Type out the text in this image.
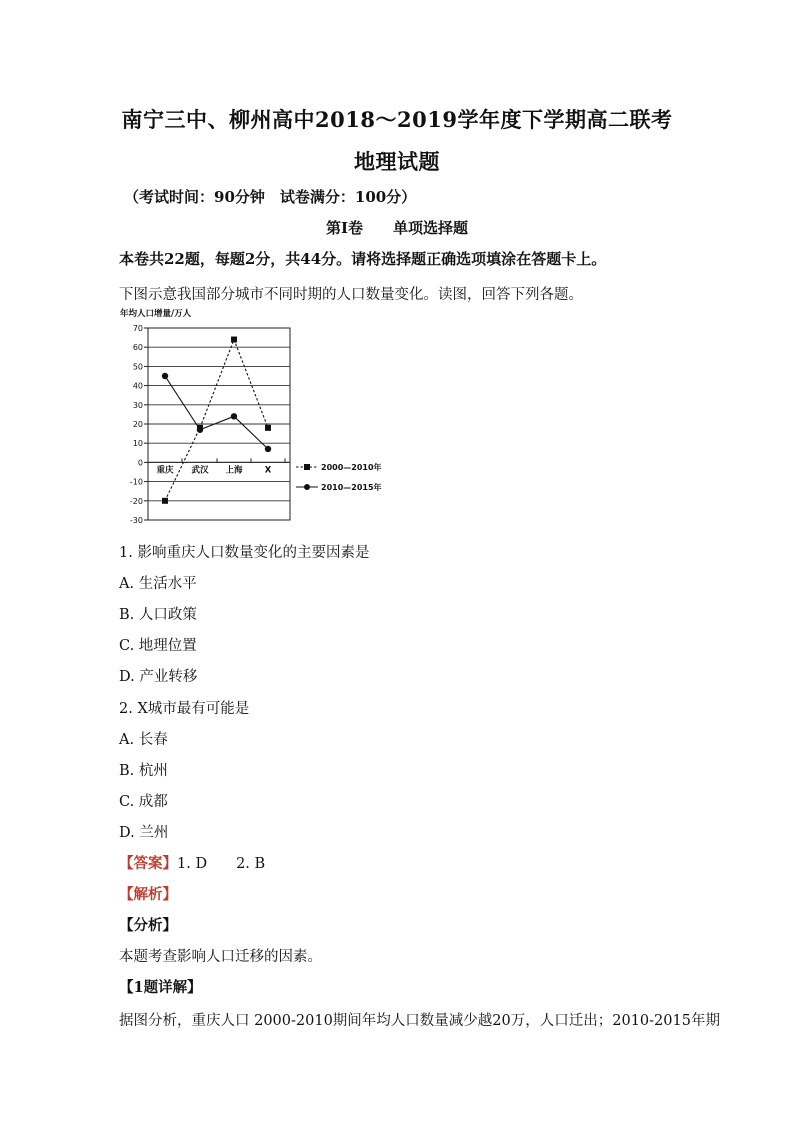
南宁三中、柳州高中2018～2019学年度下学期高二联考
地理试题
（考试时间：90分钟　试卷满分：100分）
第Ⅰ卷　　单项选择题
本卷共22题，每题2分，共44分。请将选择题正确选项填涂在答题卡上。
下图示意我国部分城市不同时期的人口数量变化。读图，回答下列各题。
年均人口增量/万人
-30
-20
-10
0
10
20
30
40
50
60
70
重庆 武汉 上海	X	2000—2010年
2010—2015年
1. 影响重庆人口数量变化的主要因素是
A. 生活水平
B. 人口政策
C. 地理位置
D. 产业转移
2. X城市最有可能是
A. 长春
B. 杭州
C. 成都
D. 兰州
【答案】1. D　　2. B
【解析】
【分析】
本题考查影响人口迁移的因素。
【1题详解】
据图分析，重庆人口 2000-2010期间年均人口数量减少越20万，人口迁出；2010-2015年期
